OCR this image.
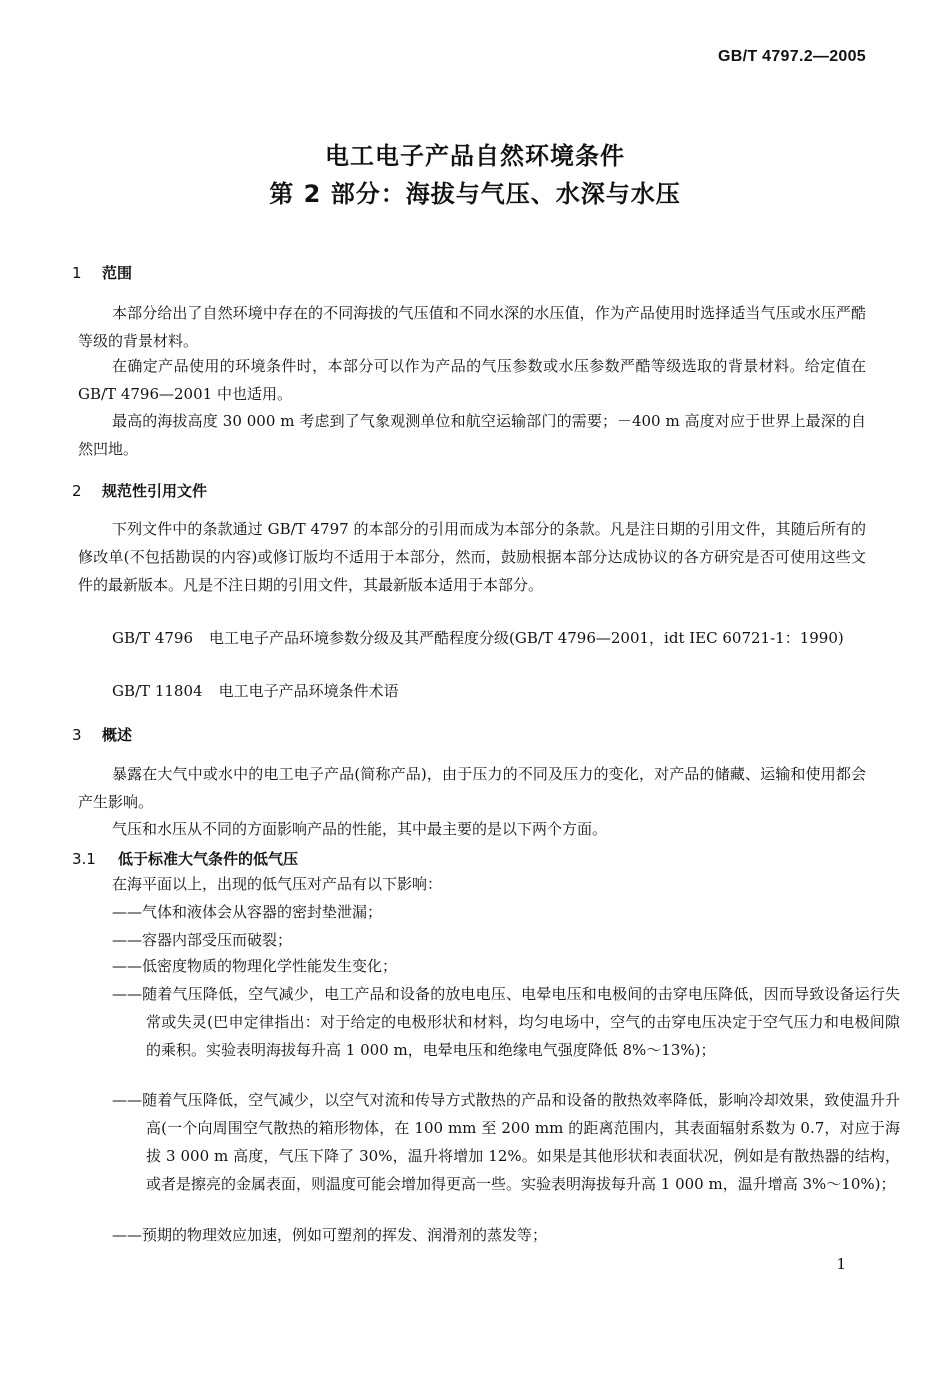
GB/T 4797.2—2005
电工电子产品自然环境条件
第 2 部分：海拔与气压、水深与水压
1 范围
本部分给出了自然环境中存在的不同海拔的气压值和不同水深的水压值，作为产品使用时选择适当气压或水压严酷等级的背景材料。
在确定产品使用的环境条件时，本部分可以作为产品的气压参数或水压参数严酷等级选取的背景材料。给定值在 GB/T 4796—2001 中也适用。
最高的海拔高度 30 000 m 考虑到了气象观测单位和航空运输部门的需要；－400 m 高度对应于世界上最深的自然凹地。
2 规范性引用文件
下列文件中的条款通过 GB/T 4797 的本部分的引用而成为本部分的条款。凡是注日期的引用文件，其随后所有的修改单(不包括勘误的内容)或修订版均不适用于本部分，然而，鼓励根据本部分达成协议的各方研究是否可使用这些文件的最新版本。凡是不注日期的引用文件，其最新版本适用于本部分。
GB/T 4796 电工电子产品环境参数分级及其严酷程度分级(GB/T 4796—2001，idt IEC 60721-1：1990)
GB/T 11804 电工电子产品环境条件术语
3 概述
暴露在大气中或水中的电工电子产品(简称产品)，由于压力的不同及压力的变化，对产品的储藏、运输和使用都会产生影响。
气压和水压从不同的方面影响产品的性能，其中最主要的是以下两个方面。
3.1 低于标准大气条件的低气压
在海平面以上，出现的低气压对产品有以下影响：
——气体和液体会从容器的密封垫泄漏；
——容器内部受压而破裂；
——低密度物质的物理化学性能发生变化；
——随着气压降低，空气减少，电工产品和设备的放电电压、电晕电压和电极间的击穿电压降低，因而导致设备运行失常或失灵(巴申定律指出：对于给定的电极形状和材料，均匀电场中，空气的击穿电压决定于空气压力和电极间隙的乘积。实验表明海拔每升高 1 000 m，电晕电压和绝缘电气强度降低 8%～13%)；
——随着气压降低，空气减少，以空气对流和传导方式散热的产品和设备的散热效率降低，影响冷却效果，致使温升升高(一个向周围空气散热的箱形物体，在 100 mm 至 200 mm 的距离范围内，其表面辐射系数为 0.7，对应于海拔 3 000 m 高度，气压下降了 30%，温升将增加 12%。如果是其他形状和表面状况，例如是有散热器的结构，或者是擦亮的金属表面，则温度可能会增加得更高一些。实验表明海拔每升高 1 000 m，温升增高 3%～10%)；
——预期的物理效应加速，例如可塑剂的挥发、润滑剂的蒸发等；
1
